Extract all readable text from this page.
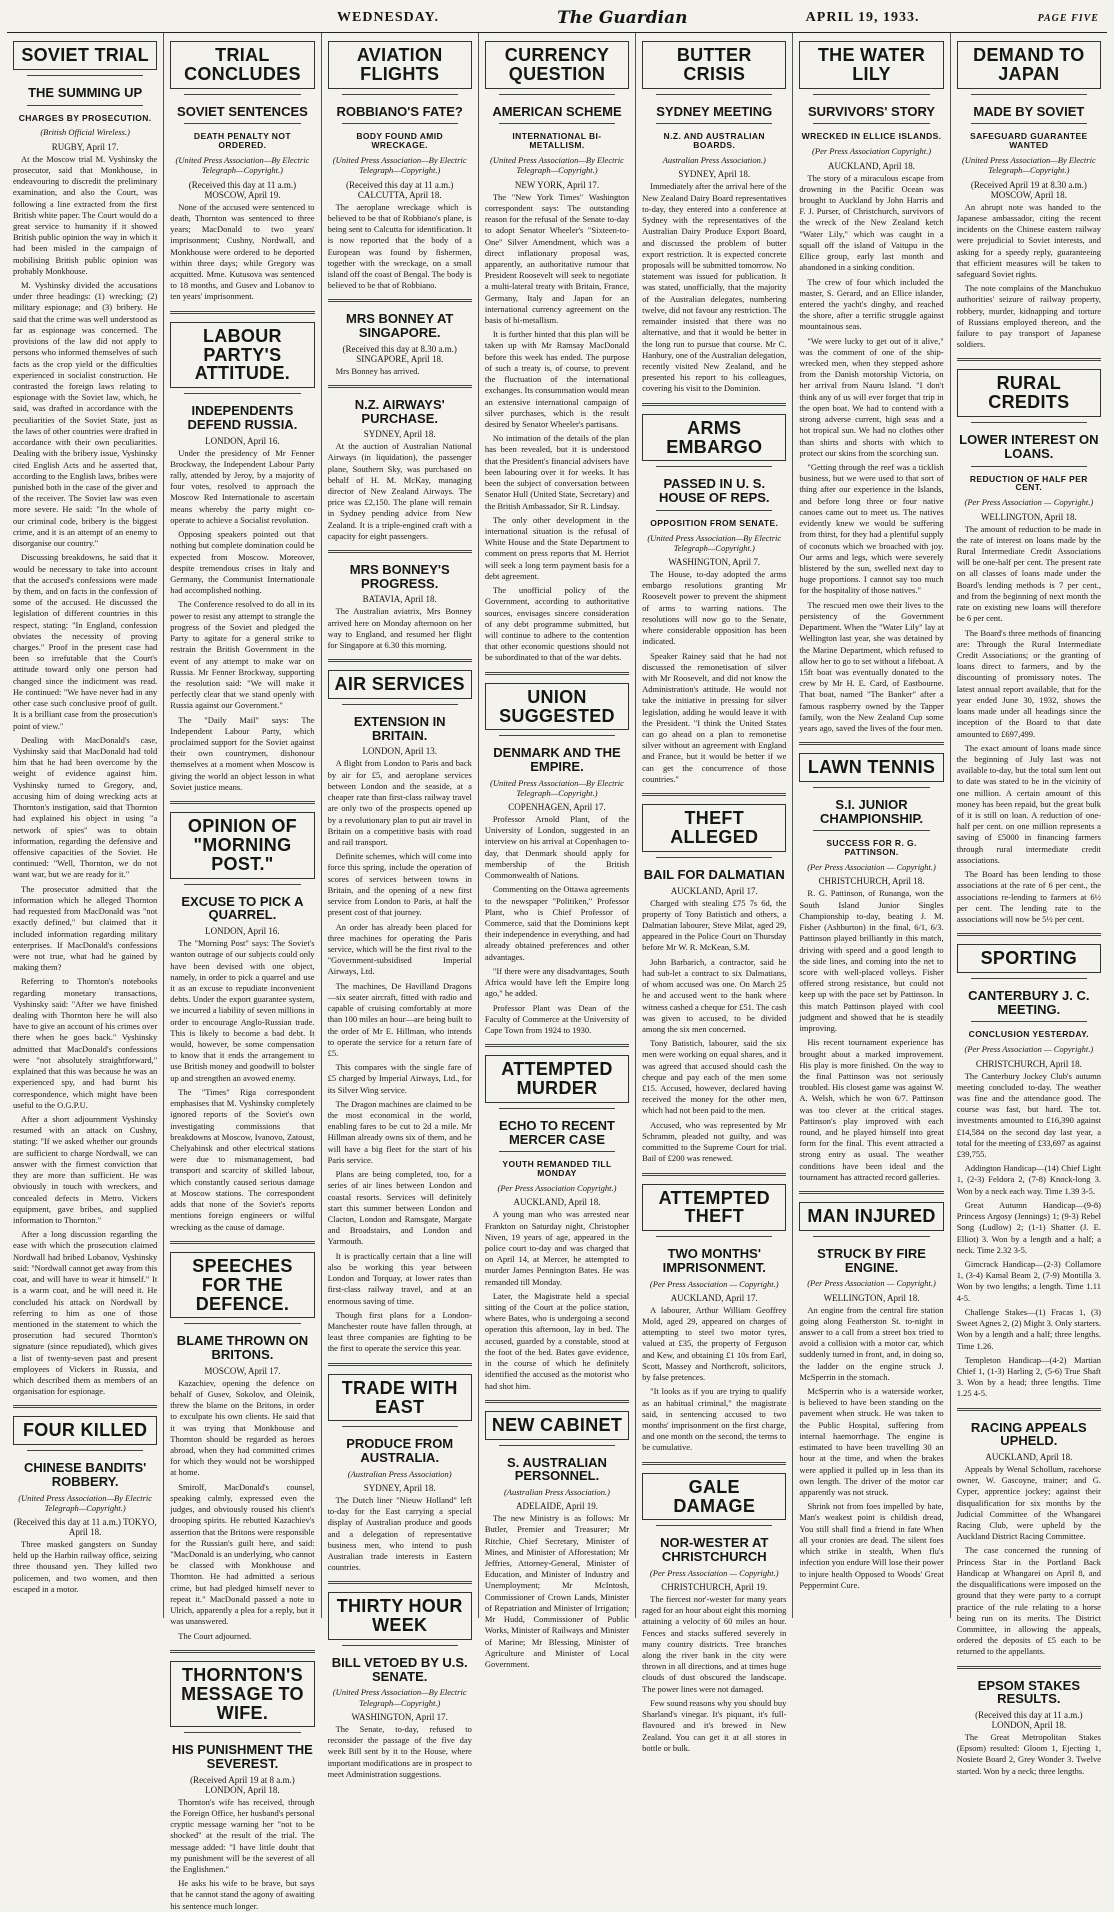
WEDNESDAY.	The Guardian	APRIL 19, 1933.	PAGE FIVE
SOVIET TRIAL
THE SUMMING UP
CHARGES BY PROSECUTION.
(British Official Wireless.)
RUGBY, April 17.

At the Moscow trial M. Vyshinsky the prosecutor, said that Monkhouse, in endeavouring to discredit the preliminary examination, and also the Court, was following a line extracted from the first British white paper. The Court would do a great service to humanity if it showed British public opinion the way in which it had been misled in the campaign of mobilising British public opinion was probably Monkhouse.

M. Vyshinsky divided the accusations under three headings: (1) wrecking; (2) military espionage; and (3) bribery. He said that the crime was well understood as far as espionage was concerned. The provisions of the law did not apply to persons who informed themselves of such facts as the crop yield or the difficulties experienced in socialist construction. He contrasted the foreign laws relating to espionage with the Soviet law, which, he said, was drafted in accordance with the peculiarities of the Soviet State, just as the laws of other countries were drafted in accordance with their own peculiarities. Dealing with the bribery issue, Vyshinsky cited English Acts and he asserted that, according to the English laws, bribes were punished both in the case of the giver and of the receiver. The Soviet law was even more severe. He said: "In the whole of our criminal code, bribery is the biggest crime, and it is an attempt of an enemy to disorganise our country."

Discussing breakdowns, he said that it would be necessary to take into account that the accused's confessions were made by them, and on facts in the confession of some of the accused. He discussed the legislation of different countries in this respect, stating: "In England, confession obviates the necessity of proving charges." Proof in the present case had been so irrefutable that the Court's attitude toward only one person had changed since the indictment was read. He continued: "We have never had in any other case such conclusive proof of guilt. It is a brilliant case from the prosecution's point of view."

Dealing with MacDonald's case, Vyshinsky said that MacDonald had told him that he had been overcome by the weight of evidence against him. Vyshinsky turned to Gregory, and, accusing him of doing wrecking acts at Thornton's instigation, said that Thornton had explained his object in using "a network of spies" was to obtain information, regarding the defensive and offensive capacities of the Soviet. He continued: "Well, Thornton, we do not want war, but we are ready for it."

The prosecutor admitted that the information which he alleged Thornton had requested from MacDonald was "not exactly defined," but claimed that it included information regarding military enterprises. If MacDonald's confessions were not true, what had he gained by making them?

Referring to Thornton's notebooks regarding monetary transactions, Vyshinsky said: "After we have finished dealing with Thornton here he will also have to give an account of his crimes over there when he goes back." Vyshinsky admitted that MacDonald's confessions were "not absolutely straightforward," explained that this was because he was an experienced spy, and had burnt his correspondence, which might have been useful to the O.G.P.U.

After a short adjournment Vyshinsky resumed with an attack on Cushny, stating: "If we asked whether our grounds are sufficient to charge Nordwall, we can answer with the firmest conviction that they are more than sufficient. He was obviously in touch with wreckers, and concealed defects in Metro. Vickers equipment, gave bribes, and supplied information to Thornton."

After a long discussion regarding the ease with which the prosecution claimed Nordwall had bribed Lobanov, Vyshinsky said: "Nordwall cannot get away from this coat, and will have to wear it himself." It is a warm coat, and he will need it. He concluded his attack on Nordwall by referring to him as one of those mentioned in the statement to which the prosecution had secured Thornton's signature (since repudiated), which gives a list of twenty-seven past and present employees of Vickers in Russia, and which described them as members of an organisation for espionage.

FOUR KILLED
CHINESE BANDITS' ROBBERY.
(United Press Association—By Electric Telegraph—Copyright.)
(Received this day at 11 a.m.) TOKYO, April 18.

Three masked gangsters on Sunday held up the Harbin railway office, seizing three thousand yen. They killed two policemen, and two women, and then escaped in a motor.

TRIAL CONCLUDES
SOVIET SENTENCES
DEATH PENALTY NOT ORDERED.
(United Press Association—By Electric Telegraph—Copyright.)
(Received this day at 11 a.m.) MOSCOW, April 19.

None of the accused were sentenced to death, Thornton was sentenced to three years; MacDonald to two years' imprisonment; Cushny, Nordwall, and Monkhouse were ordered to be deported within three days; while Gregory was acquitted. Mme. Kutusova was sentenced to 18 months, and Gusev and Lobanov to ten years' imprisonment.

LABOUR PARTY'S ATTITUDE.
INDEPENDENTS DEFEND RUSSIA.
LONDON, April 16.

Under the presidency of Mr Fenner Brockway, the Independent Labour Party rally, attended by Jeroy, by a majority of four votes, resolved to approach the Moscow Red Internationale to ascertain means whereby the party might co-operate to achieve a Socialist revolution.

Opposing speakers pointed out that nothing but complete domination could be expected from Moscow. Moreover, despite tremendous crises in Italy and Germany, the Communist Internationale had accomplished nothing.

The Conference resolved to do all in its power to resist any attempt to strangle the progress of the Soviet and pledged the Party to agitate for a general strike to restrain the British Government in the event of any attempt to make war on Russia. Mr Fenner Brockway, supporting the resolution said: "We will make it perfectly clear that we stand openly with Russia against our Government."

The "Daily Mail" says: The Independent Labour Party, which proclaimed support for the Soviet against their own countrymen, dishonour themselves at a moment when Moscow is giving the world an object lesson in what Soviet justice means.

OPINION OF "MORNING POST."
EXCUSE TO PICK A QUARREL.
LONDON, April 16.

The "Morning Post" says: The Soviet's wanton outrage of our subjects could only have been devised with one object, namely, in order to pick a quarrel and use it as an excuse to repudiate inconvenient debts. Under the export guarantee system, we incurred a liability of seven millions in order to encourage Anglo-Russian trade. This is likely to become a bad debt. It would, however, be some compensation to know that it ends the arrangement to use British money and goodwill to bolster up and strengthen an avowed enemy.

The "Times" Riga correspondent emphasises that M. Vyshinsky completely ignored reports of the Soviet's own investigating commissions that breakdowns at Moscow, Ivanovo, Zatoust, Chelyabinsk and other electrical stations were due to mismanagement, bad transport and scarcity of skilled labour, which constantly caused serious damage at Moscow stations. The correspondent adds that none of the Soviet's reports mentions foreign engineers or wilful wrecking as the cause of damage.

SPEECHES FOR THE DEFENCE.
BLAME THROWN ON BRITONS.
MOSCOW, April 17.

Kazachiev, opening the defence on behalf of Gusev, Sokolov, and Oleinik, threw the blame on the Britons, in order to exculpate his own clients. He said that it was trying that Monkhouse and Thornton should be regarded as heroes abroad, when they had committed crimes for which they would not be worshipped at home.

Smirolf, MacDonald's counsel, speaking calmly, expressed even the judges, and obviously roused his client's drooping spirits. He rebutted Kazachiev's assertion that the Britons were responsible for the Russian's guilt here, and said: "MacDonald is an underlying, who cannot be classed with Monkhouse and Thornton. He had admitted a serious crime, but had pledged himself never to repeat it." MacDonald passed a note to Ulrich, apparently a plea for a reply, but it was unanswered.

The Court adjourned.

THORNTON'S MESSAGE TO WIFE.
HIS PUNISHMENT THE SEVEREST.
(Received April 19 at 8 a.m.) LONDON, April 18.

Thornton's wife has received, through the Foreign Office, her husband's personal cryptic message warning her "not to be shocked" at the result of the trial. The message added: "I have little doubt that my punishment will be the severest of all the Englishmen."

He asks his wife to be brave, but says that he cannot stand the agony of awaiting his sentence much longer.

AVIATION FLIGHTS
ROBBIANO'S FATE?
BODY FOUND AMID WRECKAGE.
(United Press Association—By Electric Telegraph—Copyright.)
(Received this day at 11 a.m.) CALCUTTA, April 18.

The aeroplane wreckage which is believed to be that of Robbiano's plane, is being sent to Calcutta for identification. It is now reported that the body of a European was found by fishermen, together with the wreckage, on a small island off the coast of Bengal. The body is believed to be that of Robbiano.

MRS BONNEY AT SINGAPORE.
(Received this day at 8.30 a.m.) SINGAPORE, April 18.

Mrs Bonney has arrived.

N.Z. AIRWAYS' PURCHASE.
SYDNEY, April 18.

At the auction of Australian National Airways (in liquidation), the passenger plane, Southern Sky, was purchased on behalf of H. M. McKay, managing director of New Zealand Airways. The price was £2,150. The plane will remain in Sydney pending advice from New Zealand. It is a triple-engined craft with a capacity for eight passengers.

MRS BONNEY'S PROGRESS.
BATAVIA, April 18.

The Australian aviatrix, Mrs Bonney arrived here on Monday afternoon on her way to England, and resumed her flight for Singapore at 6.30 this morning.

AIR SERVICES
EXTENSION IN BRITAIN.
LONDON, April 13.

A flight from London to Paris and back by air for £5, and aeroplane services between London and the seaside, at a cheaper rate than first-class railway travel are only two of the prospects opened up by a revolutionary plan to put air travel in Britain on a competitive basis with road and rail transport.

Definite schemes, which will come into force this spring, include the operation of scores of services between towns in Britain, and the opening of a new first service from London to Paris, at half the present cost of that journey.

An order has already been placed for three machines for operating the Paris service, which will be the first rival to the "Government-subsidised Imperial Airways, Ltd.

The machines, De Havilland Dragons—six seater aircraft, fitted with radio and capable of cruising comfortably at more than 100 miles an hour—are being built to the order of Mr E. Hillman, who intends to operate the service for a return fare of £5.

This compares with the single fare of £5 charged by Imperial Airways, Ltd., for its Silver Wing service.

The Dragon machines are claimed to be the most economical in the world, enabling fares to be cut to 2d a mile. Mr Hillman already owns six of them, and he will have a big fleet for the start of his Paris service.

Plans are being completed, too, for a series of air lines between London and coastal resorts. Services will definitely start this summer between London and Clacton, London and Ramsgate, Margate and Broadstairs, and London and Yarmouth.

It is practically certain that a line will also be working this year between London and Torquay, at lower rates than first-class railway travel, and at an enormous saving of time.

Though first plans for a London-Manchester route have fallen through, at least three companies are fighting to be the first to operate the service this year.

TRADE WITH EAST
PRODUCE FROM AUSTRALIA.
(Australian Press Association)
SYDNEY, April 18.

The Dutch liner "Nieuw Holland" left to-day for the East carrying a special display of Australian produce and goods and a delegation of representative business men, who intend to push Australian trade interests in Eastern countries.

THIRTY HOUR WEEK
BILL VETOED BY U.S. SENATE.
(United Press Association—By Electric Telegraph—Copyright.)
WASHINGTON, April 17.

The Senate, to-day, refused to reconsider the passage of the five day week Bill sent by it to the House, where important modifications are in prospect to meet Administration suggestions.

CURRENCY QUESTION
AMERICAN SCHEME
INTERNATIONAL BI-METALLISM.
(United Press Association—By Electric Telegraph—Copyright.)
NEW YORK, April 17.

The "New York Times" Washington correspondent says: The outstanding reason for the refusal of the Senate to-day to adopt Senator Wheeler's "Sixteen-to-One" Silver Amendment, which was a direct inflationary proposal was, apparently, an authoritative rumour that President Roosevelt will seek to negotiate a multi-lateral treaty with Britain, France, Germany, Italy and Japan for an international currency agreement on the basis of bi-metallism.

It is further hinted that this plan will be taken up with Mr Ramsay MacDonald before this week has ended. The purpose of such a treaty is, of course, to prevent the fluctuation of the international exchanges. Its consummation would mean an extensive international campaign of silver purchases, which is the result desired by Senator Wheeler's partisans.

No intimation of the details of the plan has been revealed, but it is understood that the President's financial advisers have been labouring over it for weeks. It has been the subject of conversation between Senator Hull (United State, Secretary) and the British Ambassador, Sir R. Lindsay.

The only other development in the international situation is the refusal of White House and the State Department to comment on press reports that M. Herriot will seek a long term payment basis for a debt agreement.

The unofficial policy of the Government, according to authoritative sources, envisages sincere consideration of any debt programme submitted, but will continue to adhere to the contention that other economic questions should not be subordinated to that of the war debts.

UNION SUGGESTED
DENMARK AND THE EMPIRE.
(United Press Association—By Electric Telegraph—Copyright.)
COPENHAGEN, April 17.

Professor Arnold Plant, of the University of London, suggested in an interview on his arrival at Copenhagen to-day, that Denmark should apply for membership of the British Commonwealth of Nations.

Commenting on the Ottawa agreements to the newspaper "Politiken," Professor Plant, who is Chief Professor of Commerce, said that the Dominions kept their independence in everything, and had already obtained preferences and other advantages.

"If there were any disadvantages, South Africa would have left the Empire long ago," he added.

Professor Plant was Dean of the Faculty of Commerce at the University of Cape Town from 1924 to 1930.

ATTEMPTED MURDER
ECHO TO RECENT MERCER CASE
YOUTH REMANDED TILL MONDAY
(Per Press Association Copyright.)
AUCKLAND, April 18.

A young man who was arrested near Frankton on Saturday night, Christopher Niven, 19 years of age, appeared in the police court to-day and was charged that on April 14, at Mercer, he attempted to murder James Pennington Bates. He was remanded till Monday.

Later, the Magistrate held a special sitting of the Court at the police station, where Bates, who is undergoing a second operation this afternoon, lay in bed. The accused, guarded by a constable, stood at the foot of the bed. Bates gave evidence, in the course of which he definitely identified the accused as the motorist who had shot him.

NEW CABINET
S. AUSTRALIAN PERSONNEL.
(Australian Press Association.)
ADELAIDE, April 19.

The new Ministry is as follows: Mr Butler, Premier and Treasurer; Mr Ritchie, Chief Secretary, Minister of Mines, and Minister of Afforestation; Mr Jeffries, Attorney-General, Minister of Education, and Minister of Industry and Unemployment; Mr McIntosh, Commissioner of Crown Lands, Minister of Repatriation and Minister of Irrigation; Mr Hudd, Commissioner of Public Works, Minister of Railways and Minister of Marine; Mr Blessing, Minister of Agriculture and Minister of Local Government.

BUTTER CRISIS
SYDNEY MEETING
N.Z. AND AUSTRALIAN BOARDS.
Australian Press Association.)
SYDNEY, April 18.

Immediately after the arrival here of the New Zealand Dairy Board representatives to-day, they entered into a conference at Sydney with the representatives of the Australian Dairy Produce Export Board, and discussed the problem of butter export restriction. It is expected concrete proposals will be submitted tomorrow. No statement was issued for publication. It was stated, unofficially, that the majority of the Australian delegates, numbering twelve, did not favour any restriction. The remainder insisted that there was no alternative, and that it would be better in the long run to pursue that course. Mr C. Hanbury, one of the Australian delegation, recently visited New Zealand, and he presented his report to his colleagues, covering his visit to the Dominion.

ARMS EMBARGO
PASSED IN U. S. HOUSE OF REPS.
OPPOSITION FROM SENATE.
(United Press Association—By Electric Telegraph—Copyright.)
WASHINGTON, April 7.

The House, to-day adopted the arms embargo resolutions granting Mr Roosevelt power to prevent the shipment of arms to warring nations. The resolutions will now go to the Senate, where considerable opposition has been indicated.

Speaker Rainey said that he had not discussed the remonetisation of silver with Mr Roosevelt, and did not know the Administration's attitude. He would not take the initiative in pressing for silver legislation, adding he would leave it with the President. "I think the United States can go ahead on a plan to remonetise silver without an agreement with England and France, but it would be better if we can get the concurrence of those countries."

THEFT ALLEGED
BAIL FOR DALMATIAN
AUCKLAND, April 17.

Charged with stealing £75 7s 6d, the property of Tony Batistich and others, a Dalmatian labourer, Steve Milat, aged 29, appeared in the Police Court on Thursday before Mr W. R. McKean, S.M.

John Barbarich, a contractor, said he had sub-let a contract to six Dalmatians, of whom accused was one. On March 25 he and accused went to the bank where witness cashed a cheque for £51. The cash was given to accused, to be divided among the six men concerned.

Tony Batistich, labourer, said the six men were working on equal shares, and it was agreed that accused should cash the cheque and pay each of the men some £15. Accused, however, declared having received the money for the other men, which had not been paid to the men.

Accused, who was represented by Mr Schramm, pleaded not guilty, and was committed to the Supreme Court for trial. Bail of £200 was renewed.

ATTEMPTED THEFT
TWO MONTHS' IMPRISONMENT.
(Per Press Association — Copyright.)
AUCKLAND, April 17.

A labourer, Arthur William Geoffrey Mold, aged 29, appeared on charges of attempting to steel two motor tyres, valued at £35, the property of Ferguson and Kew, and obtaining £1 10s from Earl, Scott, Massey and Northcroft, solicitors, by false pretences.

"It looks as if you are trying to qualify as an habitual criminal," the magistrate said, in sentencing accused to two months' imprisonment on the first charge, and one month on the second, the terms to be cumulative.

GALE DAMAGE
NOR-WESTER AT CHRISTCHURCH
(Per Press Association — Copyright.)
CHRISTCHURCH, April 19.

The fiercest nor'-wester for many years raged for an hour about eight this morning attaining a velocity of 60 miles an hour. Fences and stacks suffered severely in many country districts. Tree branches along the river bank in the city were thrown in all directions, and at times huge clouds of dust obscured the landscape. The power lines were not damaged.

Few sound reasons why you should buy Sharland's vinegar. It's piquant, it's full-flavoured and it's brewed in New Zealand. You can get it at all stores in bottle or bulk.

THE WATER LILY
SURVIVORS' STORY
WRECKED IN ELLICE ISLANDS.
(Per Press Association Copyright.)
AUCKLAND, April 18.

The story of a miraculous escape from drowning in the Pacific Ocean was brought to Auckland by John Harris and F. J. Purser, of Christchurch, survivors of the wreck of the New Zealand ketch "Water Lily," which was caught in a squall off the island of Vaitupu in the Ellice group, early last month and abandoned in a sinking condition.

The crew of four which included the master, S. Gerard, and an Ellice islander, entered the yacht's dinghy, and reached the shore, after a terrific struggle against mountainous seas.

"We were lucky to get out of it alive," was the comment of one of the ship-wrecked men, when they stepped ashore from the Danish motorship Victoria, on her arrival from Nauru Island. "I don't think any of us will ever forget that trip in the open boat. We had to contend with a strong adverse current, high seas and a hot tropical sun. We had no clothes other than shirts and shorts with which to protect our skins from the scorching sun.

"Getting through the reef was a ticklish business, but we were used to that sort of thing after our experience in the Islands, and before long three or four native canoes came out to meet us. The natives evidently knew we would be suffering from thirst, for they had a plentiful supply of coconuts which we broached with joy. Our arms and legs, which were severely blistered by the sun, swelled next day to huge proportions. I cannot say too much for the hospitality of those natives."

The rescued men owe their lives to the persistency of the Government Department. When the "Water Lily" lay at Wellington last year, she was detained by the Marine Department, which refused to allow her to go to set without a lifeboat. A 15ft boat was eventually donated to the crew by Mr H. E. Card, of Eastbourne. That boat, named "The Banker" after a famous raspberry owned by the Tapper family, won the New Zealand Cup some years ago, saved the lives of the four men.

LAWN TENNIS
S.I. JUNIOR CHAMPIONSHIP.
SUCCESS FOR R. G. PATTINSON.
(Per Press Association — Copyright.)
CHRISTCHURCH, April 18.

R. G. Pattinson, of Runanga, won the South Island Junior Singles Championship to-day, beating J. M. Fisher (Ashburton) in the final, 6/1, 6/3. Pattinson played brilliantly in this match, driving with speed and a good length to the side lines, and coming into the net to score with well-placed volleys. Fisher offered strong resistance, but could not keep up with the pace set by Pattinson. In this match Pattinson played with cool judgment and showed that he is steadily improving.

His recent tournament experience has brought about a marked improvement. His play is more finished. On the way to the final Pattinson was not seriously troubled. His closest game was against W. A. Welsh, which he won 6/7. Pattinson was too clever at the critical stages. Pattinson's play improved with each round, and he played himself into great form for the final. This event attracted a strong entry as usual. The weather conditions have been ideal and the tournament has attracted record galleries.

MAN INJURED
STRUCK BY FIRE ENGINE.
(Per Press Association — Copyright.)
WELLINGTON, April 18.

An engine from the central fire station going along Featherston St. to-night in answer to a call from a street box tried to avoid a collision with a motor car, which suddenly turned in front, and, in doing so, the ladder on the engine struck J. McSperrin in the stomach.

McSperrin who is a waterside worker, is believed to have been standing on the pavement when struck. He was taken to the Public Hospital, suffering from internal haemorrhage. The engine is estimated to have been travelling 30 an hour at the time, and when the brakes were applied it pulled up in less than its own length. The driver of the motor car apparently was not struck.

Shrink not from foes impelled by hate, Man's weakest point is childish dread, You still shall find a friend in fate When all your cronies are dead. The silent foes which strike in stealth, When flu's infection you endure Will lose their power to injure health Opposed to Woods' Great Peppermint Cure.

DEMAND TO JAPAN
MADE BY SOVIET
SAFEGUARD GUARANTEE WANTED
(United Press Association—By Electric Telegraph—Copyright.)
(Received April 19 at 8.30 a.m.) MOSCOW, April 18.

An abrupt note was handed to the Japanese ambassador, citing the recent incidents on the Chinese eastern railway were prejudicial to Soviet interests, and asking for a speedy reply, guaranteeing that efficient measures will be taken to safeguard Soviet rights.

The note complains of the Manchukuo authorities' seizure of railway property, robbery, murder, kidnapping and torture of Russians employed thereon, and the failure to pay transport of Japanese soldiers.

RURAL CREDITS
LOWER INTEREST ON LOANS.
REDUCTION OF HALF PER CENT.
(Per Press Association — Copyright.)
WELLINGTON, April 18.

The amount of reduction to be made in the rate of interest on loans made by the Rural Intermediate Credit Associations will be one-half per cent. The present rate on all classes of loans made under the Board's lending methods is 7 per cent., and from the beginning of next month the rate on existing new loans will therefore be 6 per cent.

The Board's three methods of financing are: Through the Rural Intermediate Credit Associations; or the granting of loans direct to farmers, and by the discounting of promissory notes. The latest annual report available, that for the year ended June 30, 1932, shows the loans made under all headings since the inception of the Board to that date amounted to £697,499.

The exact amount of loans made since the beginning of July last was not available to-day, but the total sum lent out to date was stated to be in the vicinity of one million. A certain amount of this money has been repaid, but the great bulk of it is still on loan. A reduction of one-half per cent. on one million represents a saving of £5000 in financing farmers through rural intermediate credit associations.

The Board has been lending to those associations at the rate of 6 per cent., the associations re-lending to farmers at 6½ per cent. The lending rate to the associations will now be 5½ per cent.

SPORTING
CANTERBURY J. C. MEETING.
CONCLUSION YESTERDAY.
(Per Press Association — Copyright.)
CHRISTCHURCH, April 18.

The Canterbury Jockey Club's autumn meeting concluded to-day. The weather was fine and the attendance good. The course was fast, but hard. The tot. investments amounted to £16,390 against £14,584 on the second day last year, a total for the meeting of £33,697 as against £39,755.

Addington Handicap—(14) Chief Light 1, (2-3) Feldora 2, (7-8) Knock-long 3. Won by a neck each way. Time 1.39 3-5.

Great Autumn Handicap—(9-8) Princess Argosy (Jennings) 1; (9-3) Rebel Song (Ludlow) 2; (1-1) Shatter (J. E. Elliot) 3. Won by a length and a half; a neck. Time 2.32 3-5.

Gimcrack Handicap—(2-3) Collamore 1, (3-4) Kamal Beam 2, (7-9) Montilla 3. Won by two lengths; a length. Time 1.11 4-5.

Challenge Stakes—(1) Fracas 1, (3) Sweet Agnes 2, (2) Might 3. Only starters. Won by a length and a half; three lengths. Time 1.26.

Templeton Handicap—(4-2) Martian Chief 1, (1-3) Harling 2, (5-6) True Shaft 3. Won by a head; three lengths. Time 1.25 4-5.

RACING APPEALS UPHELD.
AUCKLAND, April 18.

Appeals by Wenal Schollum, racehorse owner, W. Gascoyne, trainer; and G. Cyper, apprentice jockey; against their disqualification for six months by the Judicial Committee of the Whangarei Racing Club, were upheld by the Auckland District Racing Committee.

The case concerned the running of Princess Star in the Portland Back Handicap at Whangarei on April 8, and the disqualifications were imposed on the ground that they were party to a corrupt practice of the rule relating to a horse being run on its merits. The District Committee, in allowing the appeals, ordered the deposits of £5 each to be returned to the appellants.

EPSOM STAKES RESULTS.
(Received this day at 11 a.m.) LONDON, April 18.

The Great Metropolitan Stakes (Epsom) resulted: Gloom 1, Ejecting 1, Nosiete Board 2, Grey Wonder 3. Twelve started. Won by a neck; three lengths.
